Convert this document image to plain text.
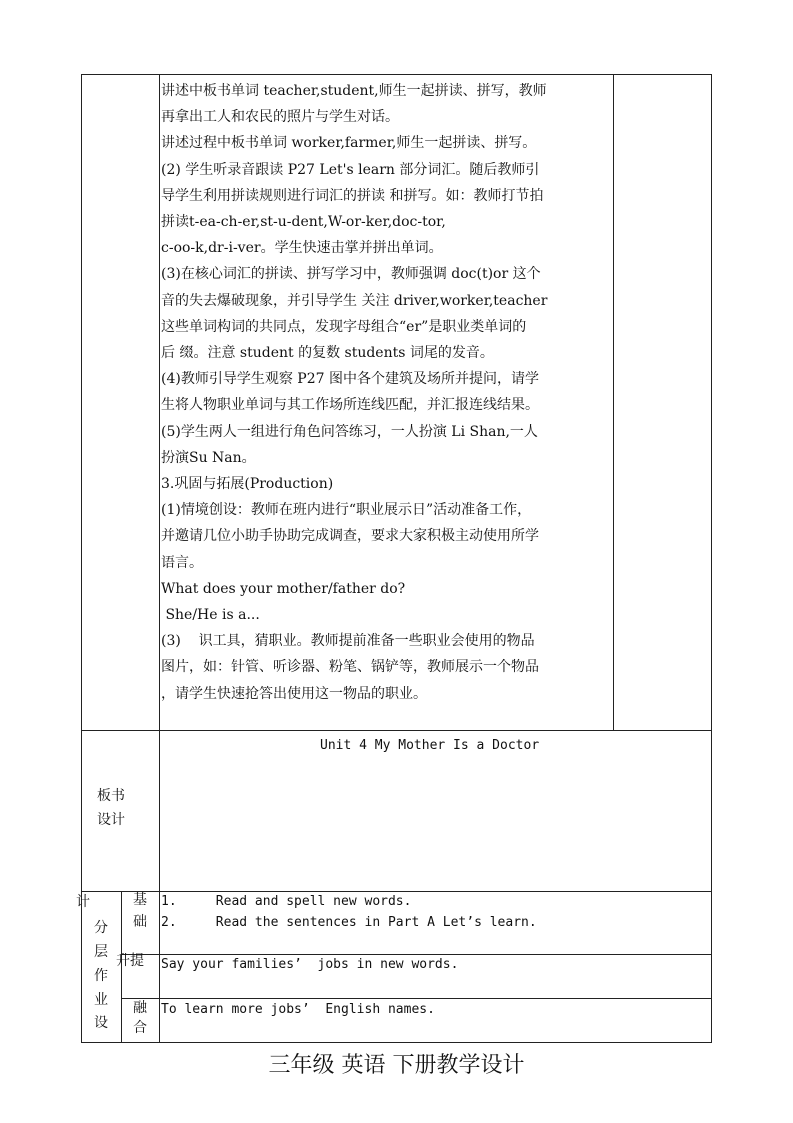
讲述中板书单词 teacher,student,师生一起拼读、拼写，教师
再拿出工人和农民的照片与学生对话。
讲述过程中板书单词 worker,farmer,师生一起拼读、拼写。
(2) 学生听录音跟读 P27 Let's learn 部分词汇。随后教师引
导学生利用拼读规则进行词汇的拼读 和拼写。如：教师打节拍
拼读t-ea-ch-er,st-u-dent,W-or-ker,doc-tor,
c-oo-k,dr-i-ver。学生快速击掌并拼出单词。
(3)在核心词汇的拼读、拼写学习中，教师强调 doc(t)or 这个
音的失去爆破现象，并引导学生 关注 driver,worker,teacher
这些单词构词的共同点，发现字母组合“er”是职业类单词的
后 缀。注意 student 的复数 students 词尾的发音。
(4)教师引导学生观察 P27 图中各个建筑及场所并提问，请学
生将人物职业单词与其工作场所连线匹配，并汇报连线结果。
(5)学生两人一组进行角色问答练习，一人扮演 Li Shan,一人
扮演Su Nan。
3.巩固与拓展(Production)
(1)情境创设：教师在班内进行“职业展示日”活动准备工作，
并邀请几位小助手协助完成调查，要求大家积极主动使用所学
语言。
What does your mother/father do?
She/He is a...
(3)    识工具，猜职业。教师提前准备一些职业会使用的物品
图片，如：针管、听诊器、粉笔、锅铲等，教师展示一个物品
，请学生快速抢答出使用这一物品的职业。
板书
设计
Unit 4 My Mother Is a Doctor
计
分
层
作
业
设
基
础
1.     Read and spell new words.
2.     Read the sentences in Part A Let’s learn.
升提 Say your families’  jobs in new words.
融
合
To learn more jobs’  English names.
三年级 英语 下册教学设计
